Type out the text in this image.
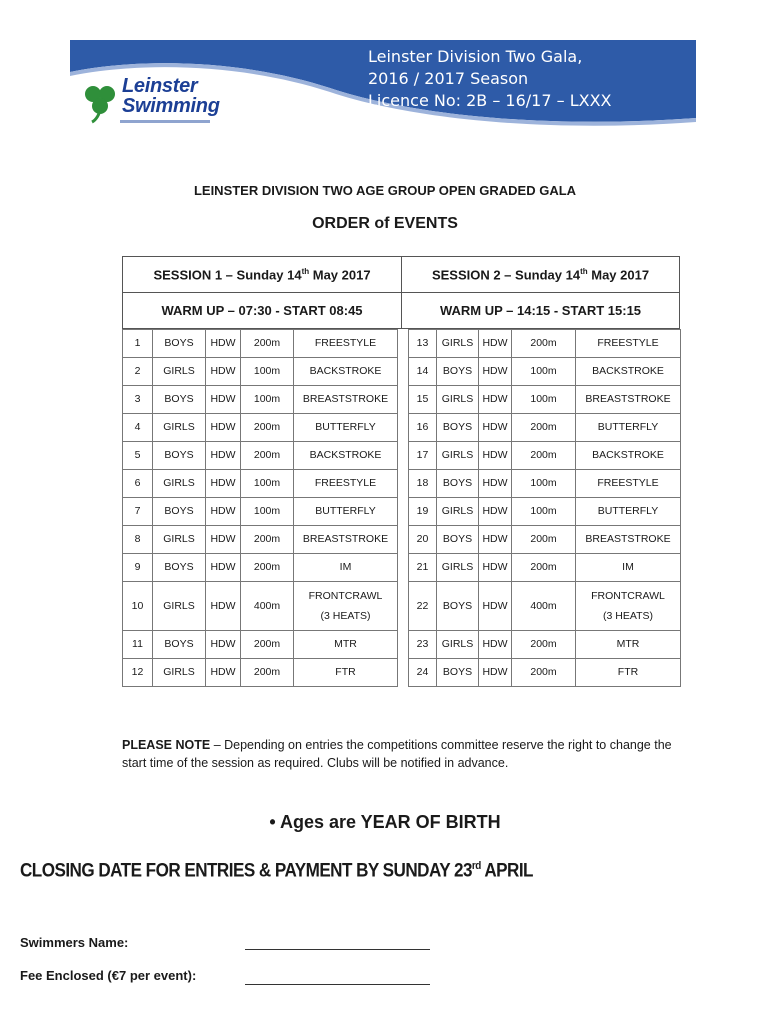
Leinster Division Two Gala,
2016 / 2017 Season
Licence No: 2B – 16/17 – LXXX
Leinster
Swimming
LEINSTER DIVISION TWO AGE GROUP OPEN GRADED GALA
ORDER of EVENTS
SESSION 1 – Sunday 14th May 2017	SESSION 2 – Sunday 14th May 2017
WARM UP – 07:30 - START 08:45	WARM UP – 14:15 - START 15:15
1	BOYS	HDW	200m	FREESTYLE
2	GIRLS	HDW	100m	BACKSTROKE
3	BOYS	HDW	100m	BREASTSTROKE
4	GIRLS	HDW	200m	BUTTERFLY
5	BOYS	HDW	200m	BACKSTROKE
6	GIRLS	HDW	100m	FREESTYLE
7	BOYS	HDW	100m	BUTTERFLY
8	GIRLS	HDW	200m	BREASTSTROKE
9	BOYS	HDW	200m	IM
10	GIRLS	HDW	400m	FRONTCRAWL
(3 HEATS)

11	BOYS	HDW	200m	MTR
12	GIRLS	HDW	200m	FTR
13	GIRLS	HDW	200m	FREESTYLE
14	BOYS	HDW	100m	BACKSTROKE
15	GIRLS	HDW	100m	BREASTSTROKE
16	BOYS	HDW	200m	BUTTERFLY
17	GIRLS	HDW	200m	BACKSTROKE
18	BOYS	HDW	100m	FREESTYLE
19	GIRLS	HDW	100m	BUTTERFLY
20	BOYS	HDW	200m	BREASTSTROKE
21	GIRLS	HDW	200m	IM
22	BOYS	HDW	400m	FRONTCRAWL
(3 HEATS)

23	GIRLS	HDW	200m	MTR
24	BOYS	HDW	200m	FTR
PLEASE NOTE – Depending on entries the competitions committee reserve the right to change the start time of the session as required. Clubs will be notified in advance.
• Ages are YEAR OF BIRTH
CLOSING DATE FOR ENTRIES & PAYMENT BY SUNDAY 23rd APRIL
Swimmers Name:
Fee Enclosed (€7 per event):
